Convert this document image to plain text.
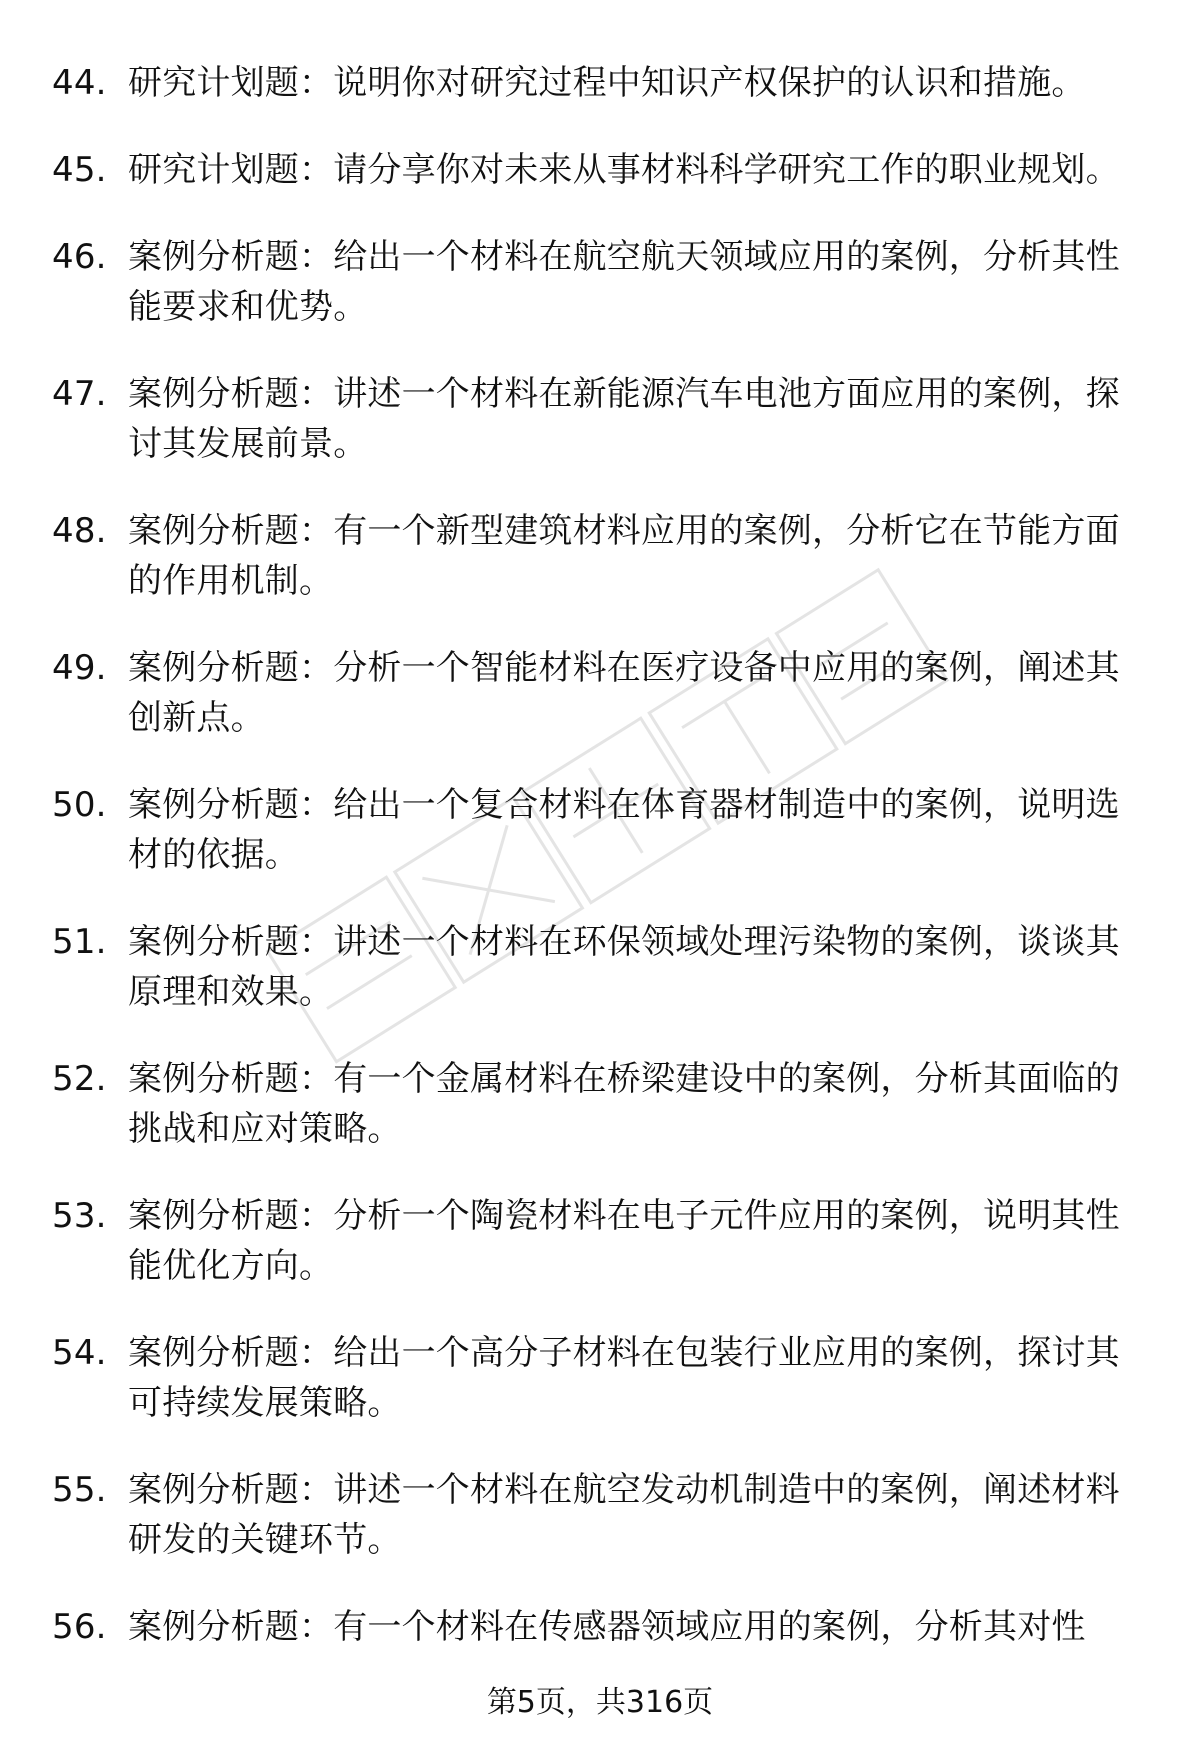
44. 研究计划题：说明你对研究过程中知识产权保护的认识和措施。
45. 研究计划题：请分享你对未来从事材料科学研究工作的职业规划。
46. 案例分析题：给出一个材料在航空航天领域应用的案例，分析其性能要求和优势。
47. 案例分析题：讲述一个材料在新能源汽车电池方面应用的案例，探讨其发展前景。
48. 案例分析题：有一个新型建筑材料应用的案例，分析它在节能方面的作用机制。
49. 案例分析题：分析一个智能材料在医疗设备中应用的案例，阐述其创新点。
50. 案例分析题：给出一个复合材料在体育器材制造中的案例，说明选材的依据。
51. 案例分析题：讲述一个材料在环保领域处理污染物的案例，谈谈其原理和效果。
52. 案例分析题：有一个金属材料在桥梁建设中的案例，分析其面临的挑战和应对策略。
53. 案例分析题：分析一个陶瓷材料在电子元件应用的案例，说明其性能优化方向。
54. 案例分析题：给出一个高分子材料在包装行业应用的案例，探讨其可持续发展策略。
55. 案例分析题：讲述一个材料在航空发动机制造中的案例，阐述材料研发的关键环节。
56. 案例分析题：有一个材料在传感器领域应用的案例，分析其对性
第5页，共316页
